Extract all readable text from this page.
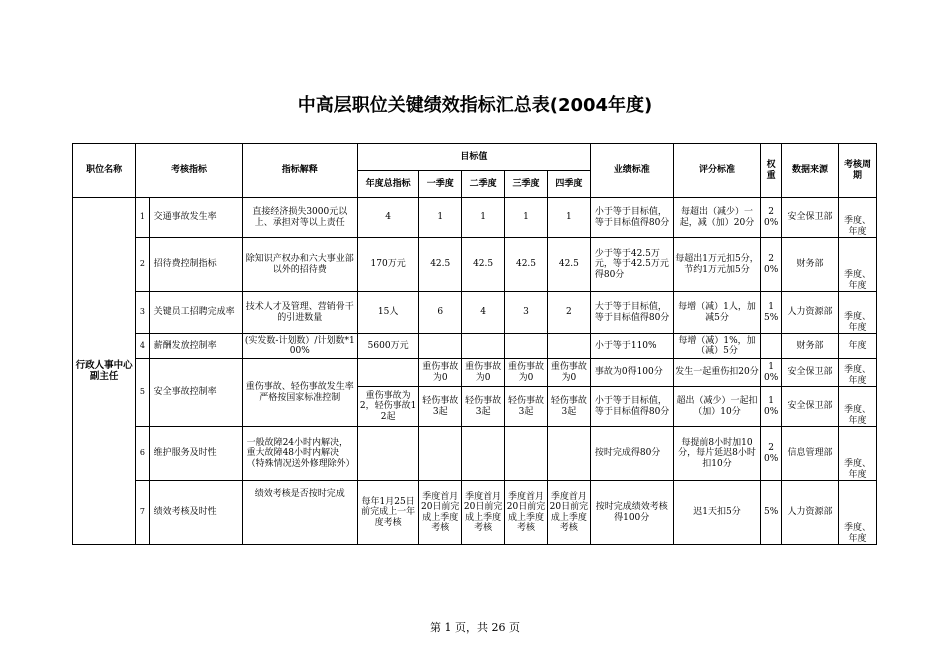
中高层职位关键绩效指标汇总表(2004年度)
职位名称	考核指标		指标解释	目标值					业绩标准	评分标准	权重	数据来源	考核周期
				年度总指标	一季度	二季度	三季度	四季度					
行政人事中心副主任	1	交通事故发生率	直接经济损失3000元以上、承担对等以上责任	4	1	1	1	1	小于等于目标值，等于目标值得80分	每超出（减少）一起，减（加）20分	20%	安全保卫部	季度、年度
	2	招待费控制指标	除知识产权办和六大事业部以外的招待费	170万元	42.5	42.5	42.5	42.5	少于等于42.5万元，等于42.5万元得80分	每超出1万元扣5分，节约1万元加5分	20%	财务部	季度、年度
	3	关键员工招聘完成率	技术人才及管理、营销骨干的引进数量	15人	6	4	3	2	大于等于目标值，等于目标值得80分	每增（减）1人，加减5分	15%	人力资源部	季度、年度
	4	薪酬发放控制率	(实发数-计划数）/计划数*100%	5600万元					小于等于110%	每增（减）1%，加（减）5分		财务部	年度
	5	安全事故控制率	重伤事故、轻伤事故发生率严格按国家标准控制		重伤事故为0	重伤事故为0	重伤事故为0	重伤事故为0	事故为0得100分	发生一起重伤扣20分	10%	安全保卫部	季度、年度
				重伤事故为2，轻伤事故12起	轻伤事故3起	轻伤事故3起	轻伤事故3起	轻伤事故3起	小于等于目标值，等于目标值得80分	超出（减少）一起扣（加）10分	10%	安全保卫部	季度、年度
	6	维护服务及时性	一般故障24小时内解决，重大故障48小时内解决（特殊情况送外修理除外）						按时完成得80分	每提前8小时加10分，每片延迟8小时扣10分	20%	信息管理部	季度、年度
	7	绩效考核及时性	绩效考核是否按时完成	每年1月25日前完成上一年度考核	季度首月20日前完成上季度考核	季度首月20日前完成上季度考核	季度首月20日前完成上季度考核	季度首月20日前完成上季度考核	按时完成绩效考核得100分	迟1天扣5分	5%	人力资源部	季度、年度
第 1 页，共 26 页
